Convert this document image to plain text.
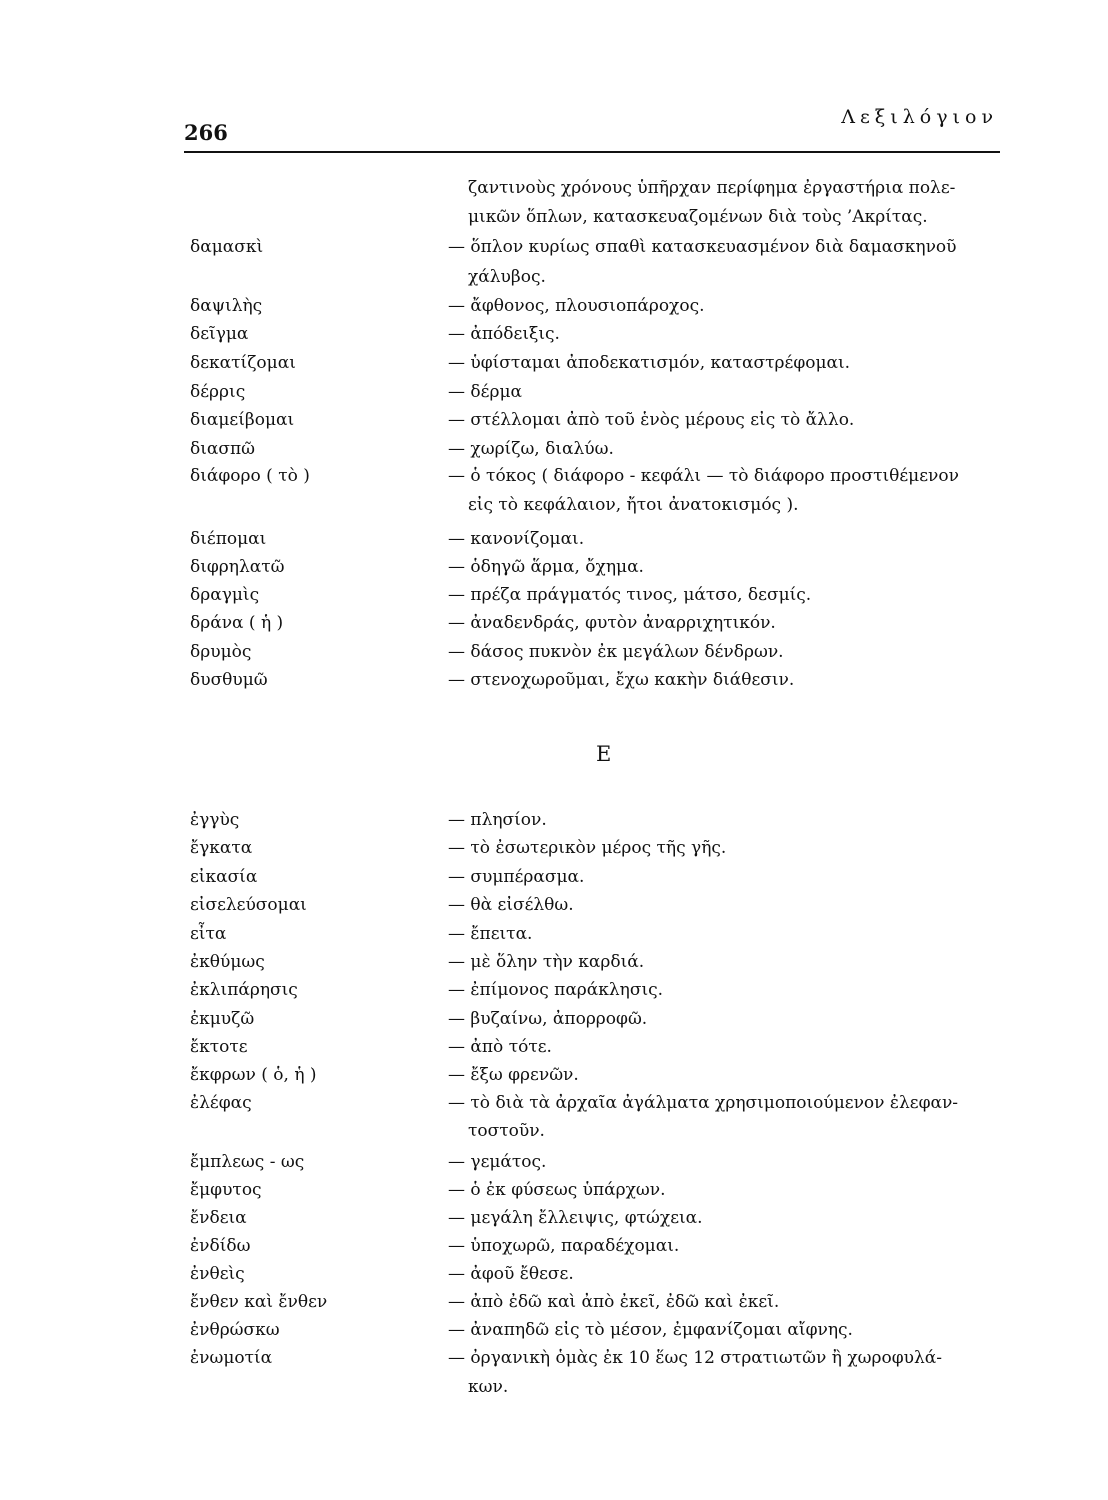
266
Λεξιλόγιον
ζαντινοὺς χρόνους ὑπῆρχαν περίφημα ἐργαστήρια πολε-
μικῶν ὅπλων, κατασκευαζομένων διὰ τοὺς ’Ακρίτας.
δαμασκὶ	— ὅπλον κυρίως σπαθὶ κατασκευασμένον διὰ δαμασκηνοῦ
χάλυβος.
δαψιλὴς	— ἄφθονος, πλουσιοπάροχος.
δεῖγμα	— ἀπόδειξις.
δεκατίζομαι	— ὑφίσταμαι ἀποδεκατισμόν, καταστρέφομαι.
δέρρις	— δέρμα
διαμείβομαι	— στέλλομαι ἀπὸ τοῦ ἑνὸς μέρους εἰς τὸ ἄλλο.
διασπῶ	— χωρίζω, διαλύω.
διάφορο ( τὸ )	— ὁ τόκος ( διάφορο - κεφάλι — τὸ διάφορο προστιθέμενον
εἰς τὸ κεφάλαιον, ἤτοι ἀνατοκισμός ).
διέπομαι	— κανονίζομαι.
διφρηλατῶ	— ὁδηγῶ ἅρμα, ὄχημα.
δραγμὶς	— πρέζα πράγματός τινος, μάτσο, δεσμίς.
δράνα ( ἡ )	— ἀναδενδράς, φυτὸν ἀναρριχητικόν.
δρυμὸς	— δάσος πυκνὸν ἐκ μεγάλων δένδρων.
δυσθυμῶ	— στενοχωροῦμαι, ἔχω κακὴν διάθεσιν.
Ε
ἐγγὺς	— πλησίον.
ἔγκατα	— τὸ ἐσωτερικὸν μέρος τῆς γῆς.
εἰκασία	— συμπέρασμα.
εἰσελεύσομαι	— θὰ εἰσέλθω.
εἶτα	— ἔπειτα.
ἐκθύμως	— μὲ ὅλην τὴν καρδιά.
ἐκλιπάρησις	— ἐπίμονος παράκλησις.
ἐκμυζῶ	— βυζαίνω, ἀπορροφῶ.
ἔκτοτε	— ἀπὸ τότε.
ἔκφρων ( ὁ, ἡ )	— ἔξω φρενῶν.
ἐλέφας	— τὸ διὰ τὰ ἀρχαῖα ἀγάλματα χρησιμοποιούμενον ἐλεφαν-
τοστοῦν.
ἔμπλεως - ως	— γεμάτος.
ἔμφυτος	— ὁ ἐκ φύσεως ὑπάρχων.
ἔνδεια	— μεγάλη ἔλλειψις, φτώχεια.
ἐνδίδω	— ὑποχωρῶ, παραδέχομαι.
ἐνθεὶς	— ἀφοῦ ἔθεσε.
ἔνθεν καὶ ἔνθεν	— ἀπὸ ἐδῶ καὶ ἀπὸ ἐκεῖ, ἐδῶ καὶ ἐκεῖ.
ἐνθρώσκω	— ἀναπηδῶ εἰς τὸ μέσον, ἐμφανίζομαι αἴφνης.
ἐνωμοτία	— ὀργανικὴ ὁμὰς ἐκ 10 ἕως 12 στρατιωτῶν ἢ χωροφυλά-
κων.
